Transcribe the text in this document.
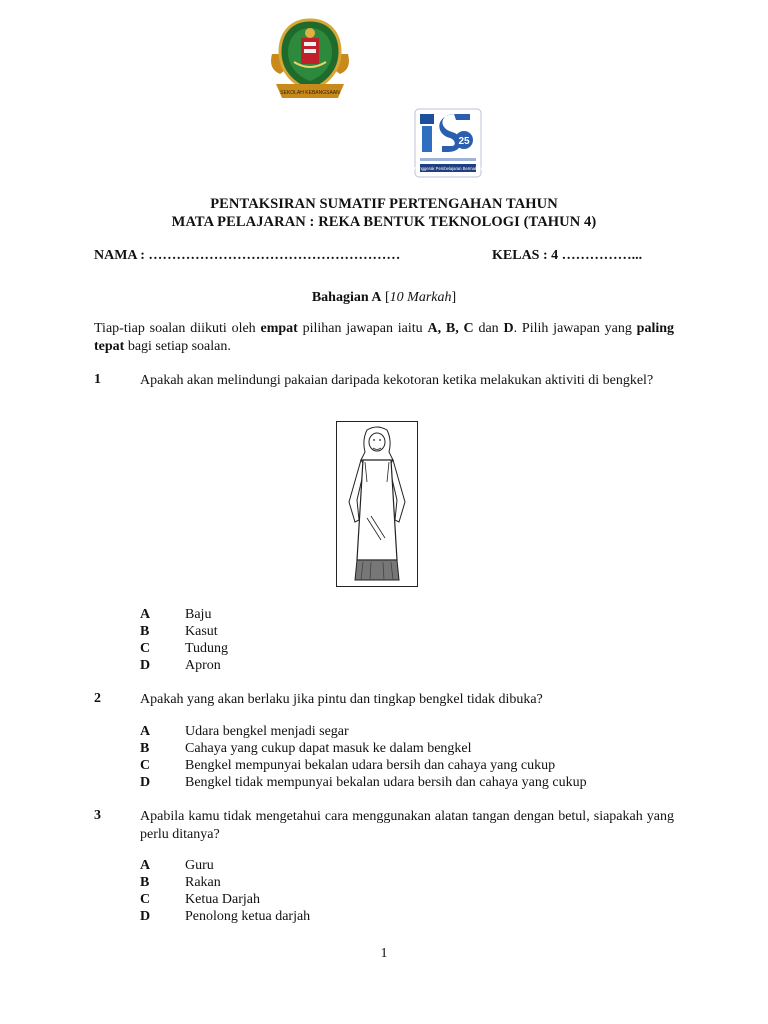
SEKOLAH KEBANGSAAN
25
Penggerak Pembelajaran Bermakna
PENTAKSIRAN SUMATIF PERTENGAHAN TAHUN
MATA PELAJARAN : REKA BENTUK TEKNOLOGI (TAHUN 4)
NAMA : ………………………………………………	KELAS : 4 ……………...
Bahagian A [10 Markah]
Tiap-tiap soalan diikuti oleh empat pilihan jawapan iaitu A, B, C dan D. Pilih jawapan yang paling tepat bagi setiap soalan.
1	Apakah akan melindungi pakaian daripada kekotoran ketika melakukan aktiviti di bengkel?
A Baju
B	Kasut
C Tudung
D Apron
2	Apakah yang akan berlaku jika pintu dan tingkap bengkel tidak dibuka?
A Udara bengkel menjadi segar
B	Cahaya yang cukup dapat masuk ke dalam bengkel
C Bengkel mempunyai bekalan udara bersih dan cahaya yang cukup
D Bengkel tidak mempunyai bekalan udara bersih dan cahaya yang cukup
3	Apabila kamu tidak mengetahui cara menggunakan alatan tangan dengan betul, siapakah yang perlu ditanya?
A Guru
B	Rakan
C Ketua Darjah
D Penolong ketua darjah
1
